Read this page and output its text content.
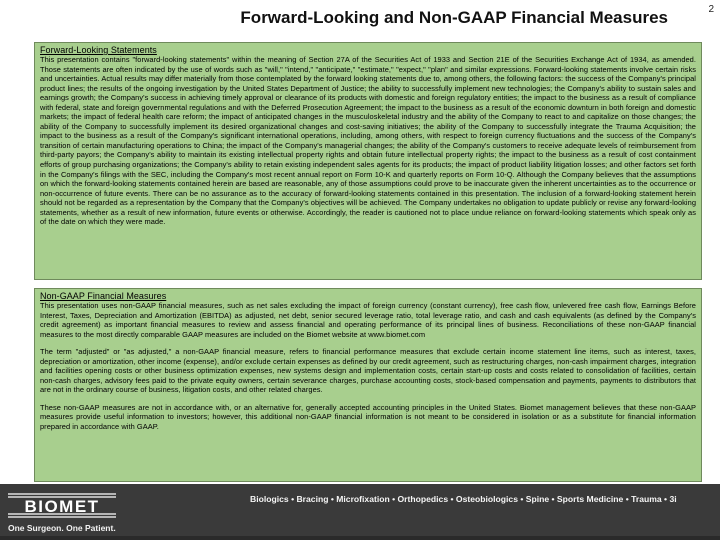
Forward-Looking and Non-GAAP Financial Measures	2
Forward-Looking Statements

This presentation contains "forward-looking statements" within the meaning of Section 27A of the Securities Act of 1933 and Section 21E of the Securities Exchange Act of 1934, as amended. Those statements are often indicated by the use of words such as "will," "intend," "anticipate," "estimate," "expect," "plan" and similar expressions. Forward-looking statements involve certain risks and uncertainties. Actual results may differ materially from those contemplated by the forward looking statements due to, among others, the following factors: the success of the Company's principal product lines; the results of the ongoing investigation by the United States Department of Justice; the ability to successfully implement new technologies; the Company's ability to sustain sales and earnings growth; the Company's success in achieving timely approval or clearance of its products with domestic and foreign regulatory entities; the impact to the business as a result of compliance with federal, state and foreign governmental regulations and with the Deferred Prosecution Agreement; the impact to the business as a result of the economic downturn in both foreign and domestic markets; the impact of federal health care reform; the impact of anticipated changes in the musculoskeletal industry and the ability of the Company to react to and capitalize on those changes; the ability of the Company to successfully implement its desired organizational changes and cost-saving initiatives; the ability of the Company to successfully integrate the Trauma Acquisition; the impact to the business as a result of the Company's significant international operations, including, among others, with respect to foreign currency fluctuations and the success of the Company's transition of certain manufacturing operations to China; the impact of the Company's managerial changes; the ability of the Company's customers to receive adequate levels of reimbursement from third-party payors; the Company's ability to maintain its existing intellectual property rights and obtain future intellectual property rights; the impact to the business as a result of cost containment efforts of group purchasing organizations; the Company's ability to retain existing independent sales agents for its products; the impact of product liability litigation losses; and other factors set forth in the Company's filings with the SEC, including the Company's most recent annual report on Form 10-K and quarterly reports on Form 10-Q. Although the Company believes that the assumptions on which the forward-looking statements contained herein are based are reasonable, any of those assumptions could prove to be inaccurate given the inherent uncertainties as to the occurrence or non-occurrence of future events. There can be no assurance as to the accuracy of forward-looking statements contained in this presentation. The inclusion of a forward-looking statement herein should not be regarded as a representation by the Company that the Company's objectives will be achieved. The Company undertakes no obligation to update publicly or revise any forward-looking statements, whether as a result of new information, future events or otherwise. Accordingly, the reader is cautioned not to place undue reliance on forward-looking statements which speak only as of the date on which they were made.

Non-GAAP Financial Measures

This presentation uses non-GAAP financial measures, such as net sales excluding the impact of foreign currency (constant currency), free cash flow, unlevered free cash flow, Earnings Before Interest, Taxes, Depreciation and Amortization (EBITDA) as adjusted, net debt, senior secured leverage ratio, total leverage ratio, and cash and cash equivalents (as defined by the Company's credit agreement) as important financial measures to review and assess financial and operating performance of its principal lines of business. Reconciliations of these non-GAAP financial measures to the most directly comparable GAAP measures are included on the Biomet website at www.biomet.com

The term "adjusted" or "as adjusted," a non-GAAP financial measure, refers to financial performance measures that exclude certain income statement line items, such as interest, taxes, depreciation or amortization, other income (expense), and/or exclude certain expenses as defined by our credit agreement, such as restructuring charges, non-cash impairment charges, integration and facilities opening costs or other business optimization expenses, new systems design and implementation costs, certain start-up costs and costs related to consolidation of facilities, certain non-cash charges, advisory fees paid to the private equity owners, certain severance charges, purchase accounting costs, stock-based compensation and payments, payments to distributors that are not in the ordinary course of business, litigation costs, and other related charges.

These non-GAAP measures are not in accordance with, or an alternative for, generally accepted accounting principles in the United States. Biomet management believes that these non-GAAP measures provide useful information to investors; however, this additional non-GAAP financial information is not meant to be considered in isolation or as a substitute for financial information prepared in accordance with GAAP.

BIOMET
One Surgeon. One Patient.
Biologics • Bracing • Microfixation • Orthopedics • Osteobiologics • Spine • Sports Medicine • Trauma • 3i
